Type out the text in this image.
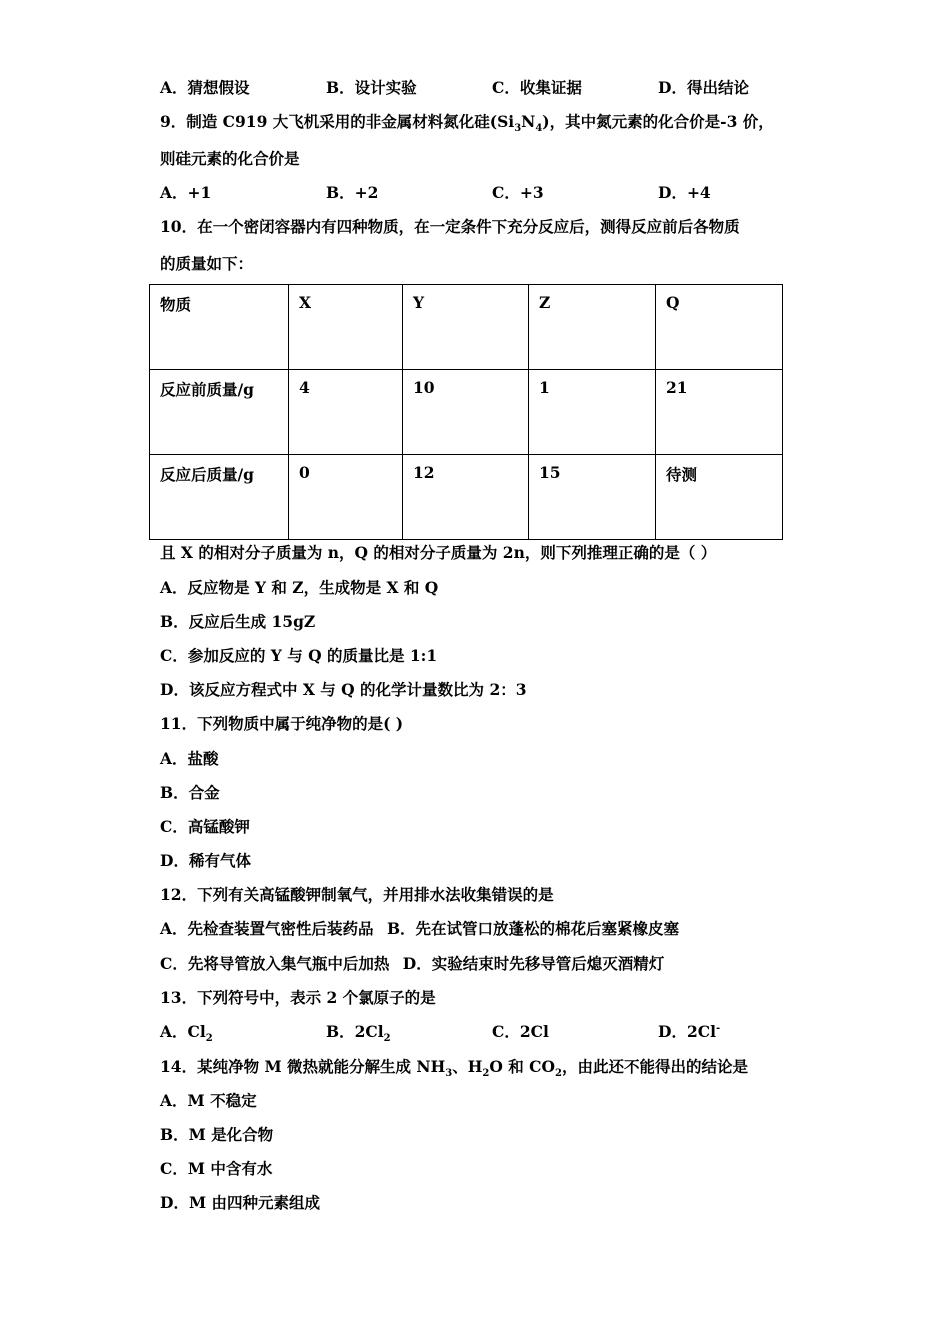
A．猜想假设	B．设计实验	C．收集证据	D．得出结论
9．制造 C919 大飞机采用的非金属材料氮化硅$(Si_3N_4)$，其中氮元素的化合价是-3 价，
则硅元素的化合价是
A．+1	B．+2	C．+3	D．+4
10．在一个密闭容器内有四种物质，在一定条件下充分反应后，测得反应前后各物质
的质量如下：
物质	X	Y	Z	Q
反应前质量/g	4	10	1	21
反应后质量/g	0	12	15	待测
且 X 的相对分子质量为 n，Q 的相对分子质量为 2n，则下列推理正确的是（ ）
A．反应物是 Y 和 Z，生成物是 X 和 Q
B．反应后生成 15gZ
C．参加反应的 Y 与 Q 的质量比是 1:1
D．该反应方程式中 X 与 Q 的化学计量数比为 2：3
11．下列物质中属于纯净物的是( )
A．盐酸
B．合金
C．高锰酸钾
D．稀有气体
12．下列有关高锰酸钾制氧气，并用排水法收集错误的是
A．先检查装置气密性后装药品 B．先在试管口放蓬松的棉花后塞紧橡皮塞
C．先将导管放入集气瓶中后加热 D．实验结束时先移导管后熄灭酒精灯
13．下列符号中，表示 2 个氯原子的是
A．$Cl_2$	B．$2Cl_2$	C．2Cl	D．2Cl-
14．某纯净物 M 微热就能分解生成 $NH_3$、$H_2O$ 和 $CO_2$，由此还不能得出的结论是
A．M 不稳定
B．M 是化合物
C．M 中含有水
D．M 由四种元素组成
